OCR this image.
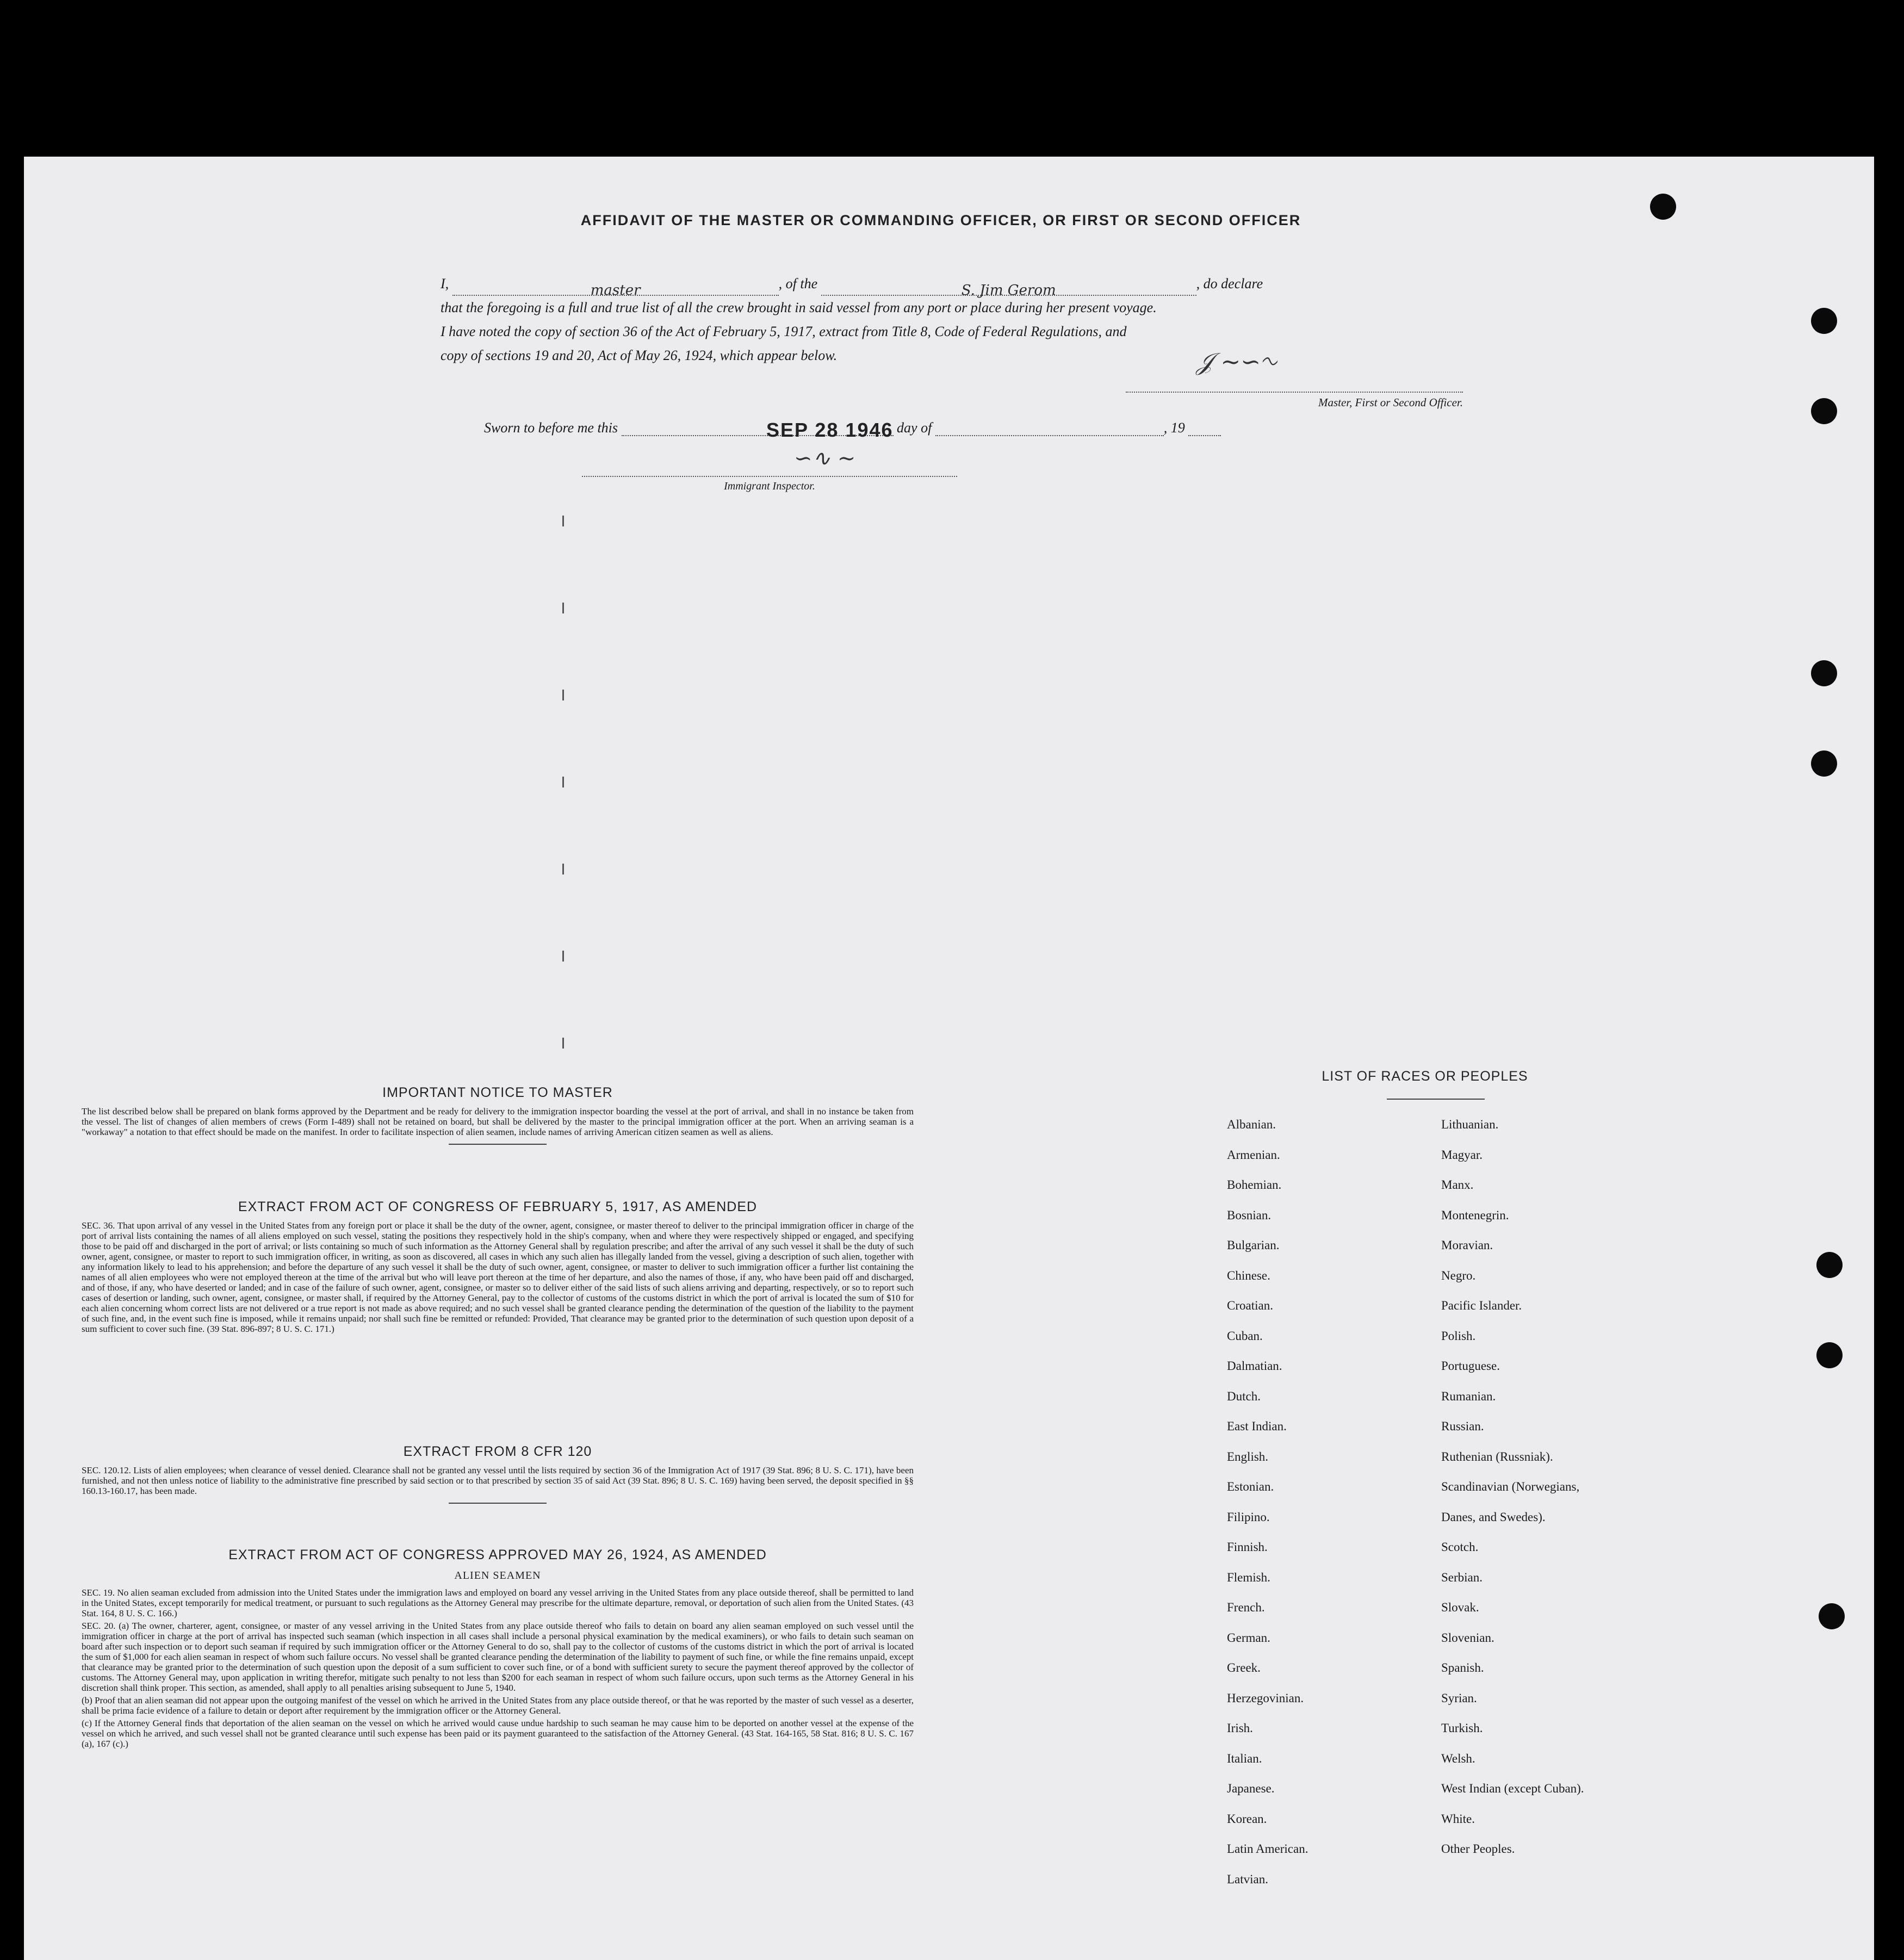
AFFIDAVIT OF THE MASTER OR COMMANDING OFFICER, OR FIRST OR SECOND OFFICER
I,	master	, of the	S. Jim Gerom	, do declare
that the foregoing is a full and true list of all the crew brought in said vessel from any port or place during her present voyage.
I have noted the copy of section 36 of the Act of February 5, 1917, extract from Title 8, Code of Federal Regulations, and
copy of sections 19 and 20, Act of May 26, 1924, which appear below.	𝒥 ∼∽∿
Master, First or Second Officer.
Sworn to before me this	SEP 28 1946 day of	, 19
∽∿ ∼
Immigrant Inspector.
IMPORTANT NOTICE TO MASTER
The list described below shall be prepared on blank forms approved by the Department and be ready for delivery to the immigration inspector boarding the vessel at the port of arrival, and shall in no instance be taken from the vessel. The list of changes of alien members of crews (Form I-489) shall not be retained on board, but shall be delivered by the master to the principal immigration officer at the port. When an arriving seaman is a "workaway" a notation to that effect should be made on the manifest. In order to facilitate inspection of alien seamen, include names of arriving American citizen seamen as well as aliens.
EXTRACT FROM ACT OF CONGRESS OF FEBRUARY 5, 1917, AS AMENDED
SEC. 36. That upon arrival of any vessel in the United States from any foreign port or place it shall be the duty of the owner, agent, consignee, or master thereof to deliver to the principal immigration officer in charge of the port of arrival lists containing the names of all aliens employed on such vessel, stating the positions they respectively hold in the ship's company, when and where they were respectively shipped or engaged, and specifying those to be paid off and discharged in the port of arrival; or lists containing so much of such information as the Attorney General shall by regulation prescribe; and after the arrival of any such vessel it shall be the duty of such owner, agent, consignee, or master to report to such immigration officer, in writing, as soon as discovered, all cases in which any such alien has illegally landed from the vessel, giving a description of such alien, together with any information likely to lead to his apprehension; and before the departure of any such vessel it shall be the duty of such owner, agent, consignee, or master to deliver to such immigration officer a further list containing the names of all alien employees who were not employed thereon at the time of the arrival but who will leave port thereon at the time of her departure, and also the names of those, if any, who have been paid off and discharged, and of those, if any, who have deserted or landed; and in case of the failure of such owner, agent, consignee, or master so to deliver either of the said lists of such aliens arriving and departing, respectively, or so to report such cases of desertion or landing, such owner, agent, consignee, or master shall, if required by the Attorney General, pay to the collector of customs of the customs district in which the port of arrival is located the sum of $10 for each alien concerning whom correct lists are not delivered or a true report is not made as above required; and no such vessel shall be granted clearance pending the determination of the question of the liability to the payment of such fine, and, in the event such fine is imposed, while it remains unpaid; nor shall such fine be remitted or refunded: Provided, That clearance may be granted prior to the determination of such question upon deposit of a sum sufficient to cover such fine. (39 Stat. 896-897; 8 U. S. C. 171.)
EXTRACT FROM 8 CFR 120
SEC. 120.12. Lists of alien employees; when clearance of vessel denied. Clearance shall not be granted any vessel until the lists required by section 36 of the Immigration Act of 1917 (39 Stat. 896; 8 U. S. C. 171), have been furnished, and not then unless notice of liability to the administrative fine prescribed by said section or to that prescribed by section 35 of said Act (39 Stat. 896; 8 U. S. C. 169) having been served, the deposit specified in §§ 160.13-160.17, has been made.
EXTRACT FROM ACT OF CONGRESS APPROVED MAY 26, 1924, AS AMENDED
ALIEN SEAMEN
SEC. 19. No alien seaman excluded from admission into the United States under the immigration laws and employed on board any vessel arriving in the United States from any place outside thereof, shall be permitted to land in the United States, except temporarily for medical treatment, or pursuant to such regulations as the Attorney General may prescribe for the ultimate departure, removal, or deportation of such alien from the United States. (43 Stat. 164, 8 U. S. C. 166.)
SEC. 20. (a) The owner, charterer, agent, consignee, or master of any vessel arriving in the United States from any place outside thereof who fails to detain on board any alien seaman employed on such vessel until the immigration officer in charge at the port of arrival has inspected such seaman (which inspection in all cases shall include a personal physical examination by the medical examiners), or who fails to detain such seaman on board after such inspection or to deport such seaman if required by such immigration officer or the Attorney General to do so, shall pay to the collector of customs of the customs district in which the port of arrival is located the sum of $1,000 for each alien seaman in respect of whom such failure occurs. No vessel shall be granted clearance pending the determination of the liability to payment of such fine, or while the fine remains unpaid, except that clearance may be granted prior to the determination of such question upon the deposit of a sum sufficient to cover such fine, or of a bond with sufficient surety to secure the payment thereof approved by the collector of customs. The Attorney General may, upon application in writing therefor, mitigate such penalty to not less than $200 for each seaman in respect of whom such failure occurs, upon such terms as the Attorney General in his discretion shall think proper. This section, as amended, shall apply to all penalties arising subsequent to June 5, 1940.
(b) Proof that an alien seaman did not appear upon the outgoing manifest of the vessel on which he arrived in the United States from any place outside thereof, or that he was reported by the master of such vessel as a deserter, shall be prima facie evidence of a failure to detain or deport after requirement by the immigration officer or the Attorney General.
(c) If the Attorney General finds that deportation of the alien seaman on the vessel on which he arrived would cause undue hardship to such seaman he may cause him to be deported on another vessel at the expense of the vessel on which he arrived, and such vessel shall not be granted clearance until such expense has been paid or its payment guaranteed to the satisfaction of the Attorney General. (43 Stat. 164-165, 58 Stat. 816; 8 U. S. C. 167 (a), 167 (c).)
LIST OF RACES OR PEOPLES
Albanian.
Armenian.
Bohemian.
Bosnian.
Bulgarian.
Chinese.
Croatian.
Cuban.
Dalmatian.
Dutch.
East Indian.
English.
Estonian.
Filipino.
Finnish.
Flemish.
French.
German.
Greek.
Herzegovinian.
Irish.
Italian.
Japanese.
Korean.
Latin American.
Latvian.
Lithuanian.
Magyar.
Manx.
Montenegrin.
Moravian.
Negro.
Pacific Islander.
Polish.
Portuguese.
Rumanian.
Russian.
Ruthenian (Russniak).
Scandinavian (Norwegians,
Danes, and Swedes).
Scotch.
Serbian.
Slovak.
Slovenian.
Spanish.
Syrian.
Turkish.
Welsh.
West Indian (except Cuban).
White.
Other Peoples.
